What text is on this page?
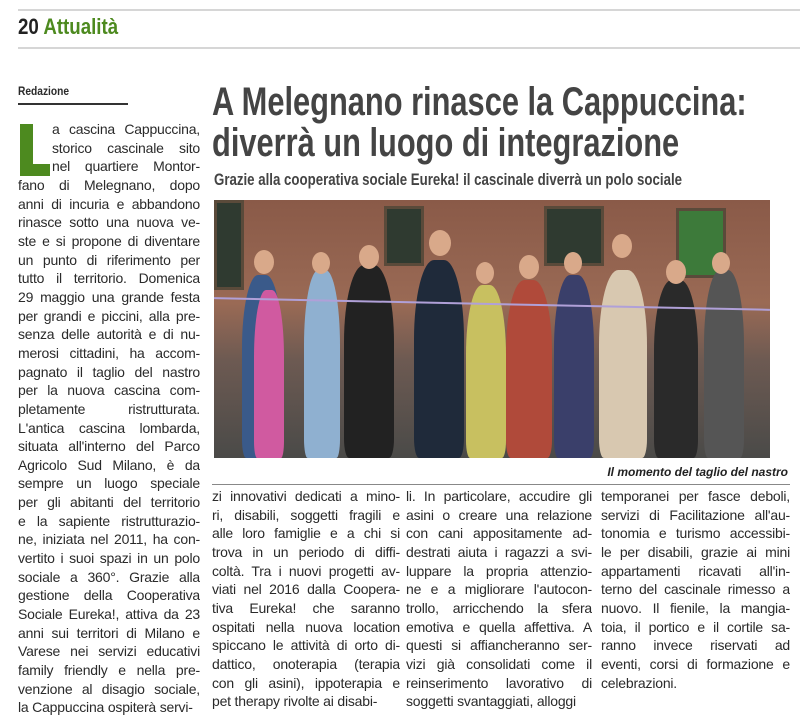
20 Attualità
Redazione	A Melegnano rinasce la Cappuccina:
diverrà un luogo di integrazione
Grazie alla cooperativa sociale Eureka! il cascinale diverrà un polo sociale
Il momento del taglio del nastro
a cascina Cappuccina,
storico cascinale sito
nel quartiere Montor-
fano di Melegnano, dopo
anni di incuria e abbandono
rinasce sotto una nuova ve-
ste e si propone di diventare
un punto di riferimento per
tutto il territorio. Domenica
29 maggio una grande festa
per grandi e piccini, alla pre-
senza delle autorità e di nu-
merosi cittadini, ha accom-
pagnato il taglio del nastro
per la nuova cascina com-
pletamente ristrutturata.
L'antica cascina lombarda,
situata all'interno del Parco
Agricolo Sud Milano, è da
sempre un luogo speciale
per gli abitanti del territorio
e la sapiente ristrutturazio-
ne, iniziata nel 2011, ha con-
vertito i suoi spazi in un polo
sociale a 360°. Grazie alla
gestione della Cooperativa
Sociale Eureka!, attiva da 23
anni sui territori di Milano e
Varese nei servizi educativi
family friendly e nella pre-
venzione al disagio sociale,
la Cappuccina ospiterà servi-
zi innovativi dedicati a mino-
ri, disabili, soggetti fragili e
alle loro famiglie e a chi si
trova in un periodo di diffi-
coltà. Tra i nuovi progetti av-
viati nel 2016 dalla Coopera-
tiva Eureka! che saranno
ospitati nella nuova location
spiccano le attività di orto di-
dattico, onoterapia (terapia
con gli asini), ippoterapia e
pet therapy rivolte ai disabi-
li. In particolare, accudire gli
asini o creare una relazione
con cani appositamente ad-
destrati aiuta i ragazzi a svi-
luppare la propria attenzio-
ne e a migliorare l'autocon-
trollo, arricchendo la sfera
emotiva e quella affettiva. A
questi si affiancheranno ser-
vizi già consolidati come il
reinserimento lavorativo di
soggetti svantaggiati, alloggi
temporanei per fasce deboli,
servizi di Facilitazione all'au-
tonomia e turismo accessibi-
le per disabili, grazie ai mini
appartamenti ricavati all'in-
terno del cascinale rimesso a
nuovo. Il fienile, la mangia-
toia, il portico e il cortile sa-
ranno invece riservati ad
eventi, corsi di formazione e
celebrazioni.
